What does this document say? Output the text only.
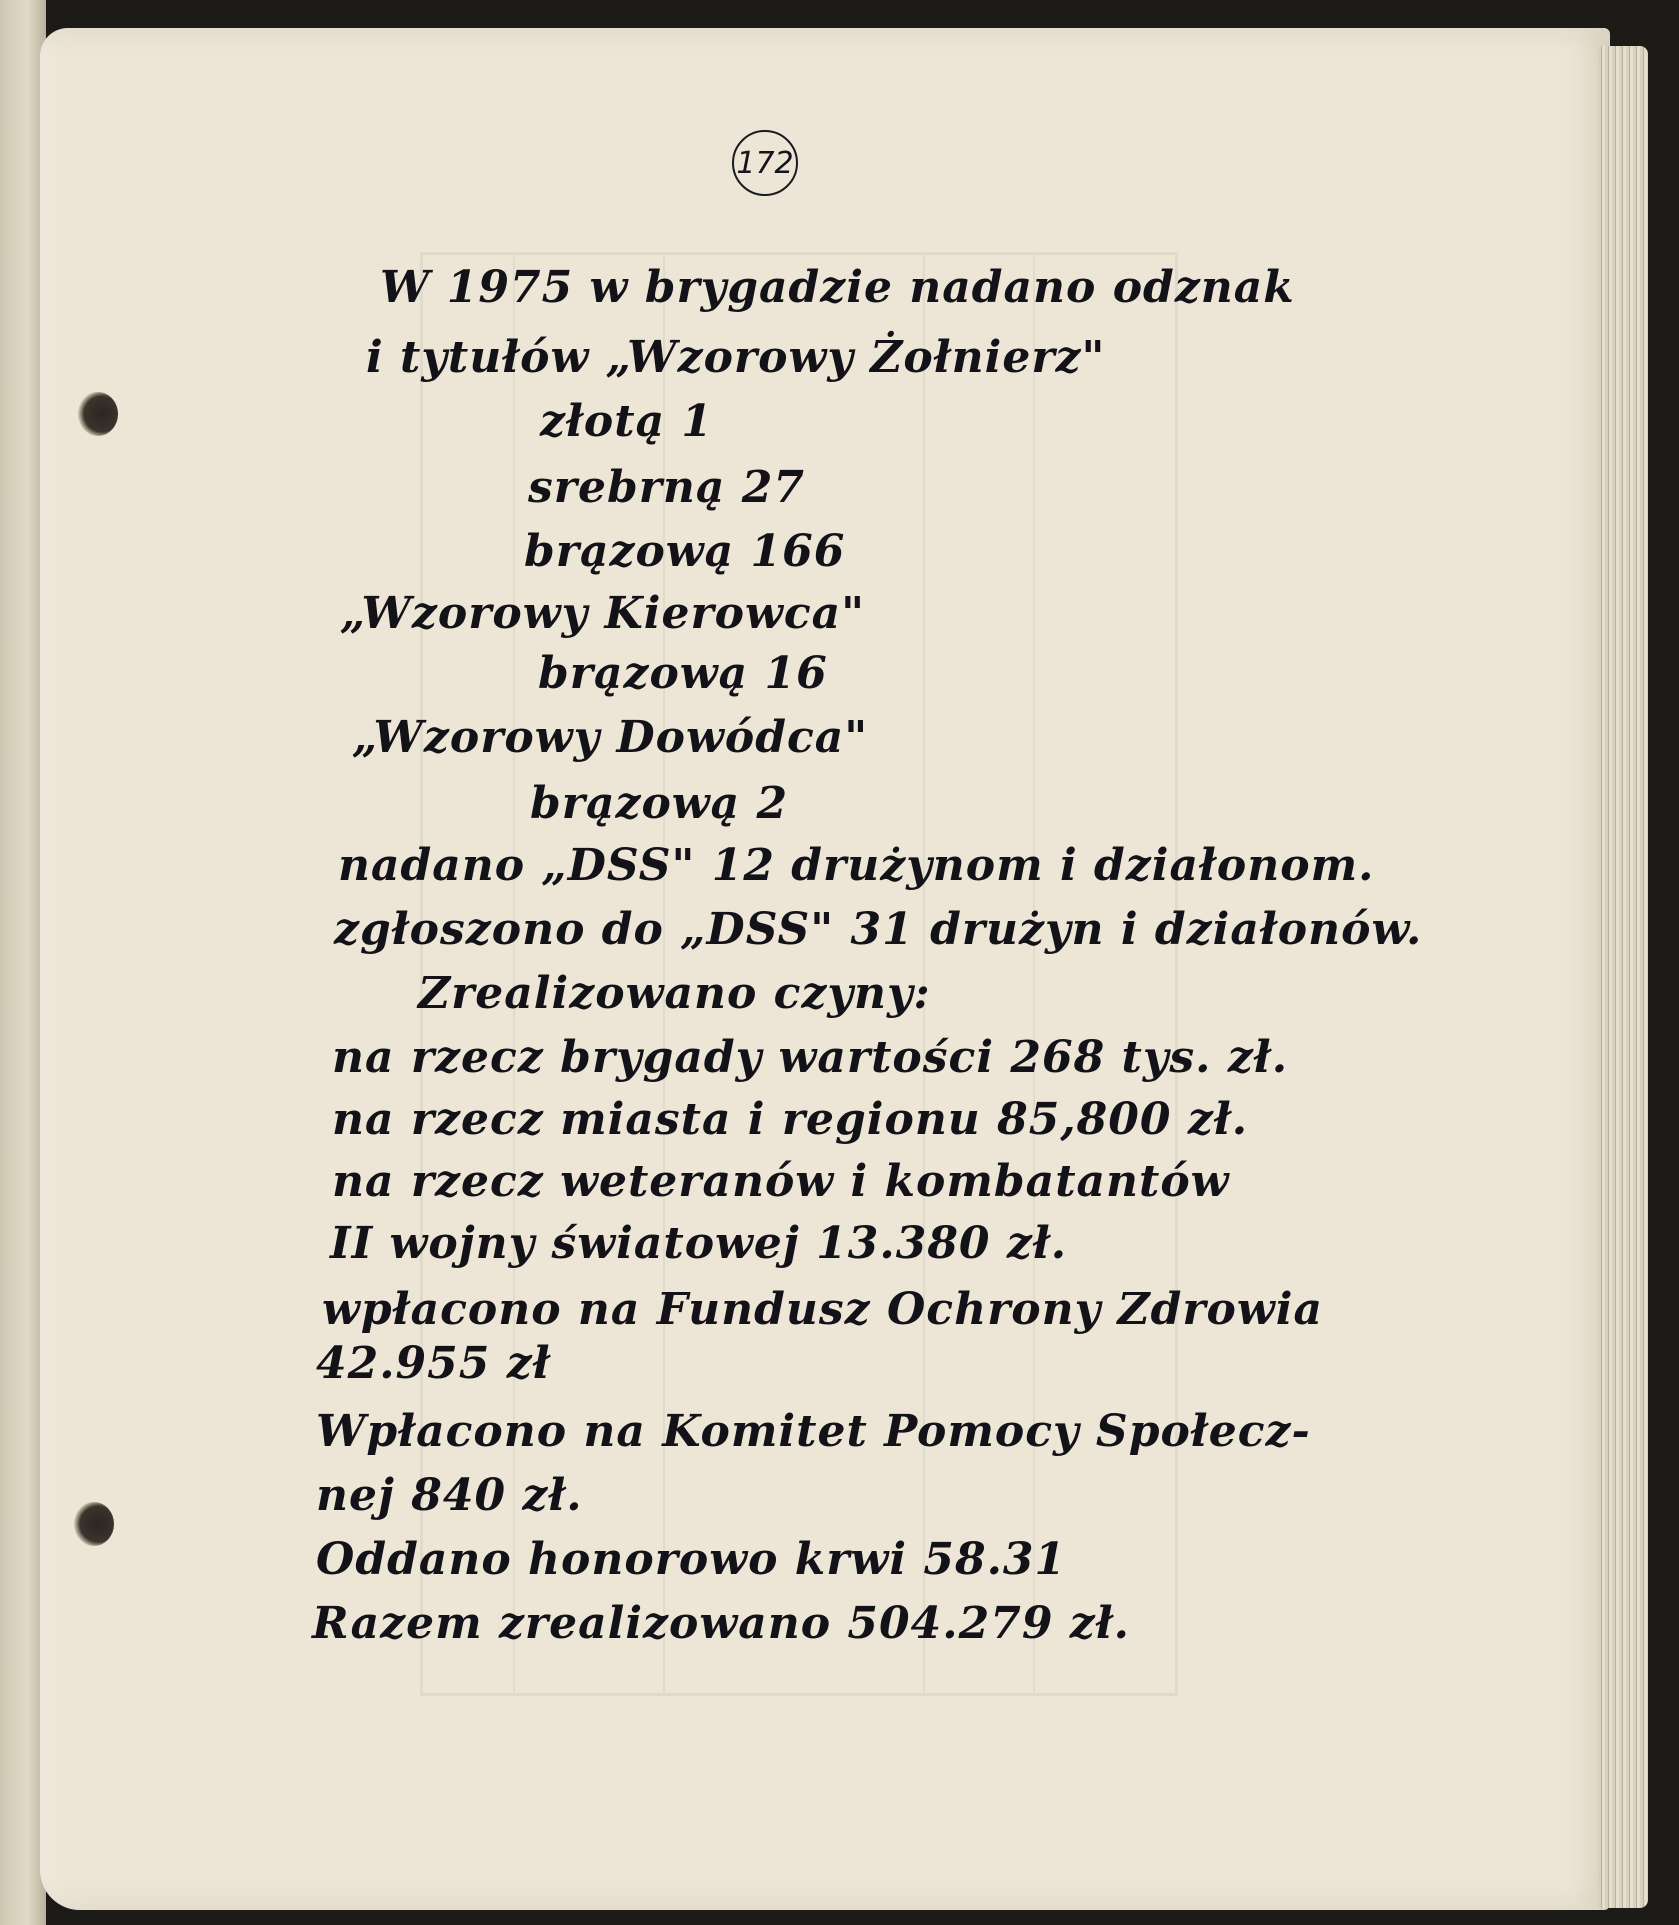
172
W 1975 w brygadzie nadano odznak
i tytułów „Wzorowy Żołnierz"
złotą 1
srebrną 27
brązową 166
„Wzorowy Kierowca"
brązową 16
„Wzorowy Dowódca"
brązową 2
nadano „DSS" 12 drużynom i działonom.
zgłoszono do „DSS" 31 drużyn i działonów.
Zrealizowano czyny:
na rzecz brygady wartości 268 tys. zł.
na rzecz miasta i regionu 85,800 zł.
na rzecz weteranów i kombatantów
II wojny światowej 13.380 zł.
wpłacono na Fundusz Ochrony Zdrowia
42.955 zł
Wpłacono na Komitet Pomocy Społecz-
nej 840 zł.
Oddano honorowo krwi 58.31
Razem zrealizowano 504.279 zł.
